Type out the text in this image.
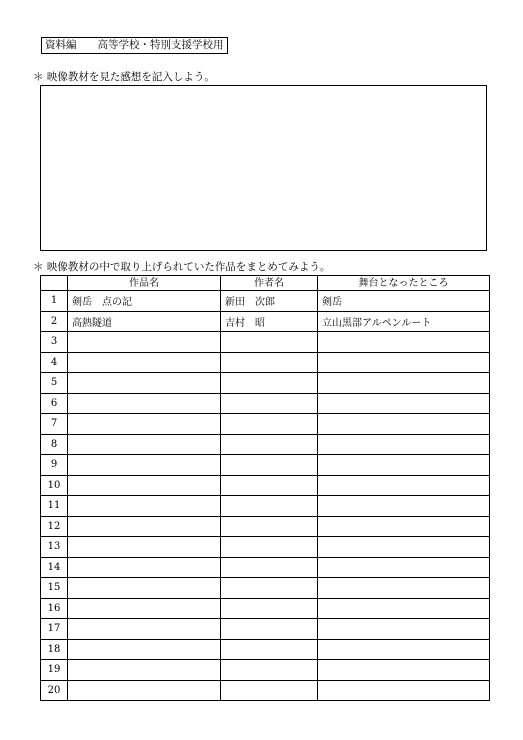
資料編　　高等学校・特別支援学校用
＊ 映像教材を見た感想を記入しよう。
＊ 映像教材の中で取り上げられていた作品をまとめてみよう。
	作品名	作者名	舞台となったところ
1	剣岳　点の記	新田　次郎	剣岳
2	高熱隧道	吉村　昭	立山黒部アルペンルート
3			
4			
5			
6			
7			
8			
9			
10			
11			
12			
13			
14			
15			
16			
17			
18			
19			
20			
